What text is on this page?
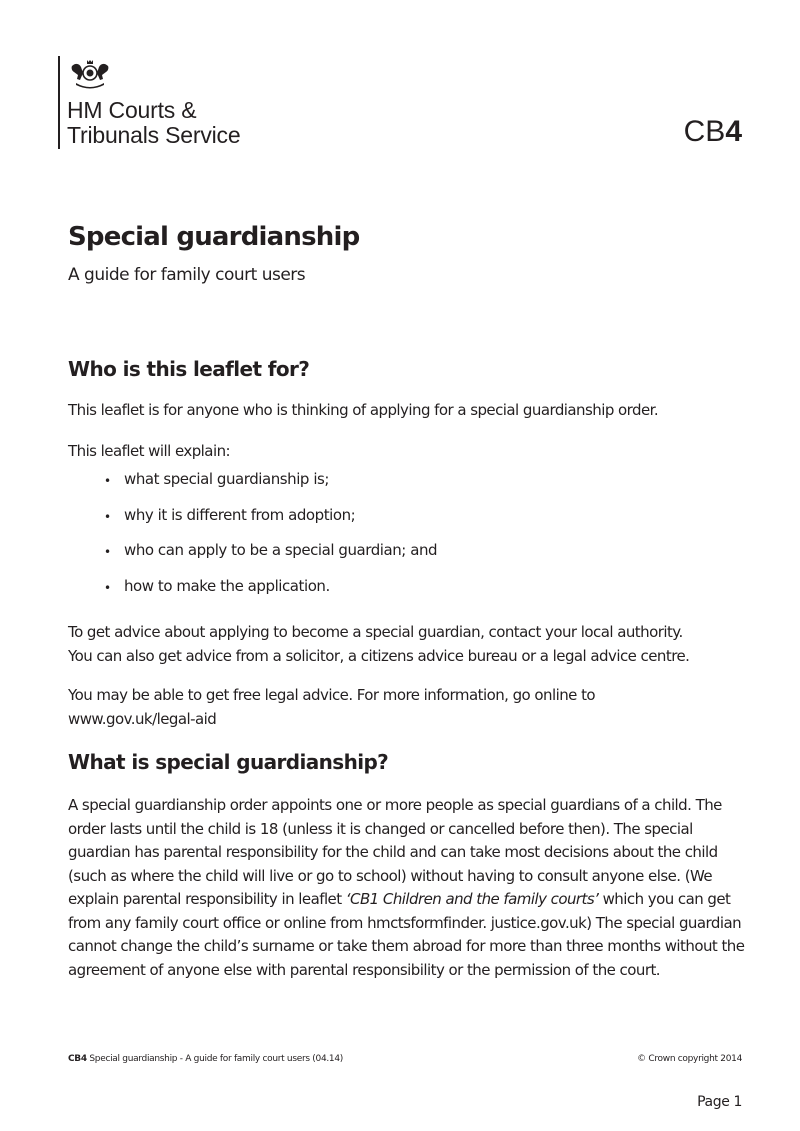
HM Courts &
Tribunals Service	CB4
Special guardianship

A guide for family court users

Who is this leaflet for?

This leaflet is for anyone who is thinking of applying for a special guardianship order.

This leaflet will explain:

• what special guardianship is;
• why it is different from adoption;
• who can apply to be a special guardian; and
• how to make the application.

To get advice about applying to become a special guardian, contact your local authority.
You can also get advice from a solicitor, a citizens advice bureau or a legal advice centre.

You may be able to get free legal advice. For more information, go online to
www.gov.uk/legal-aid

What is special guardianship?

A special guardianship order appoints one or more people as special guardians of a child. The order lasts until the child is 18 (unless it is changed or cancelled before then). The special guardian has parental responsibility for the child and can take most decisions about the child (such as where the child will live or go to school) without having to consult anyone else. (We explain parental responsibility in leaflet ‘CB1 Children and the family courts’ which you can get from any family court office or online from hmctsformfinder. justice.gov.uk) The special guardian cannot change the child’s surname or take them abroad for more than three months without the agreement of anyone else with parental responsibility or the permission of the court.

CB4 Special guardianship - A guide for family court users (04.14)	© Crown copyright 2014
Page 1
